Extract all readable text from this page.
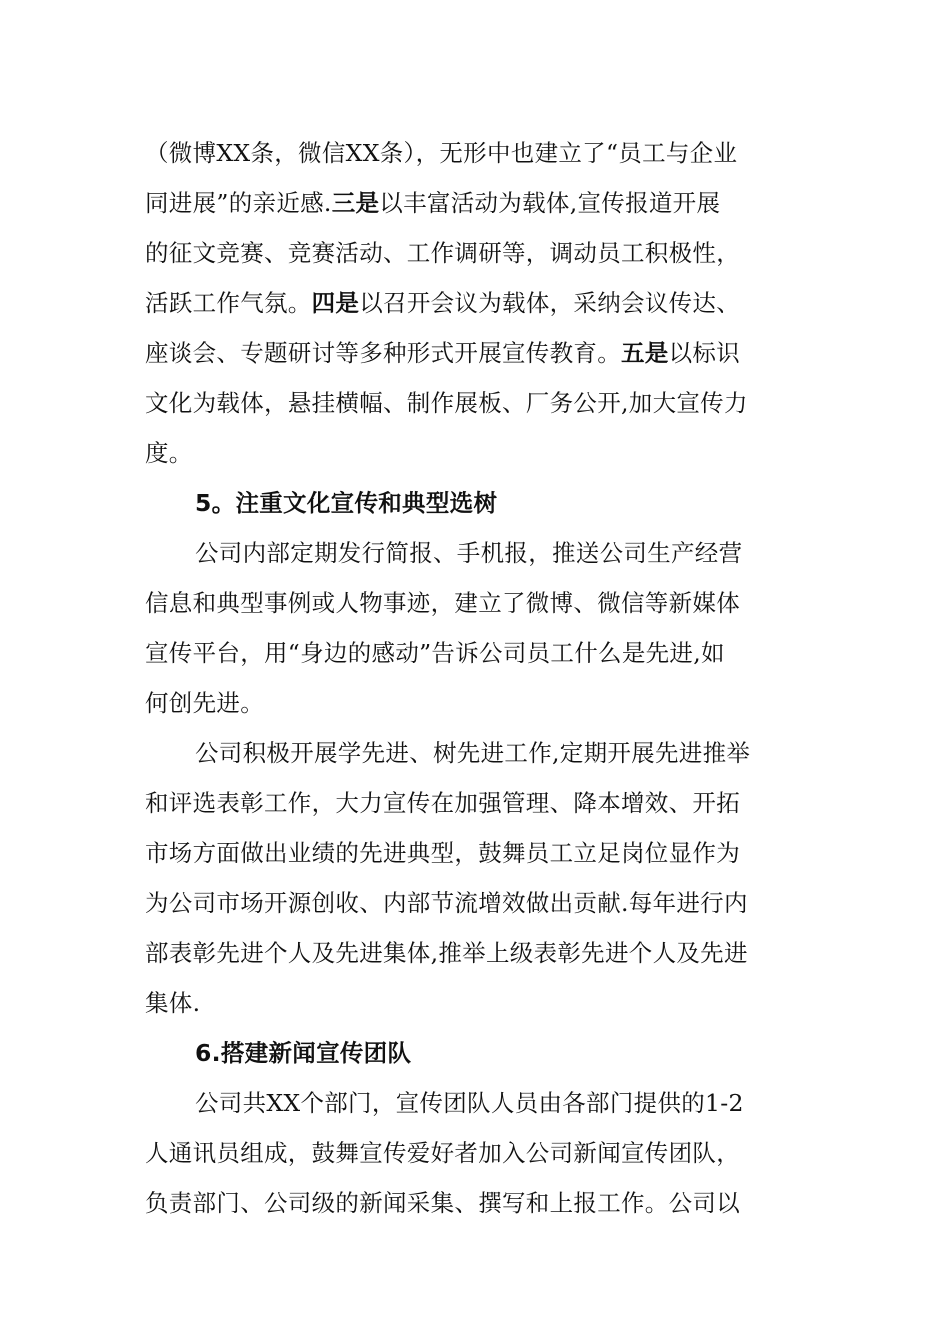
（微博XX条，微信XX条），无形中也建立了“员工与企业
同进展”的亲近感.三是以丰富活动为载体,宣传报道开展
的征文竞赛、竞赛活动、工作调研等，调动员工积极性，
活跃工作气氛。四是以召开会议为载体，采纳会议传达、
座谈会、专题研讨等多种形式开展宣传教育。五是以标识
文化为载体，悬挂横幅、制作展板、厂务公开,加大宣传力
度。
5。注重文化宣传和典型选树
公司内部定期发行简报、手机报，推送公司生产经营
信息和典型事例或人物事迹，建立了微博、微信等新媒体
宣传平台，用“身边的感动”告诉公司员工什么是先进,如
何创先进。
公司积极开展学先进、树先进工作,定期开展先进推举
和评选表彰工作，大力宣传在加强管理、降本增效、开拓
市场方面做出业绩的先进典型，鼓舞员工立足岗位显作为
为公司市场开源创收、内部节流增效做出贡献.每年进行内
部表彰先进个人及先进集体,推举上级表彰先进个人及先进
集体.
6.搭建新闻宣传团队
公司共XX个部门，宣传团队人员由各部门提供的1-2
人通讯员组成，鼓舞宣传爱好者加入公司新闻宣传团队，
负责部门、公司级的新闻采集、撰写和上报工作。公司以
